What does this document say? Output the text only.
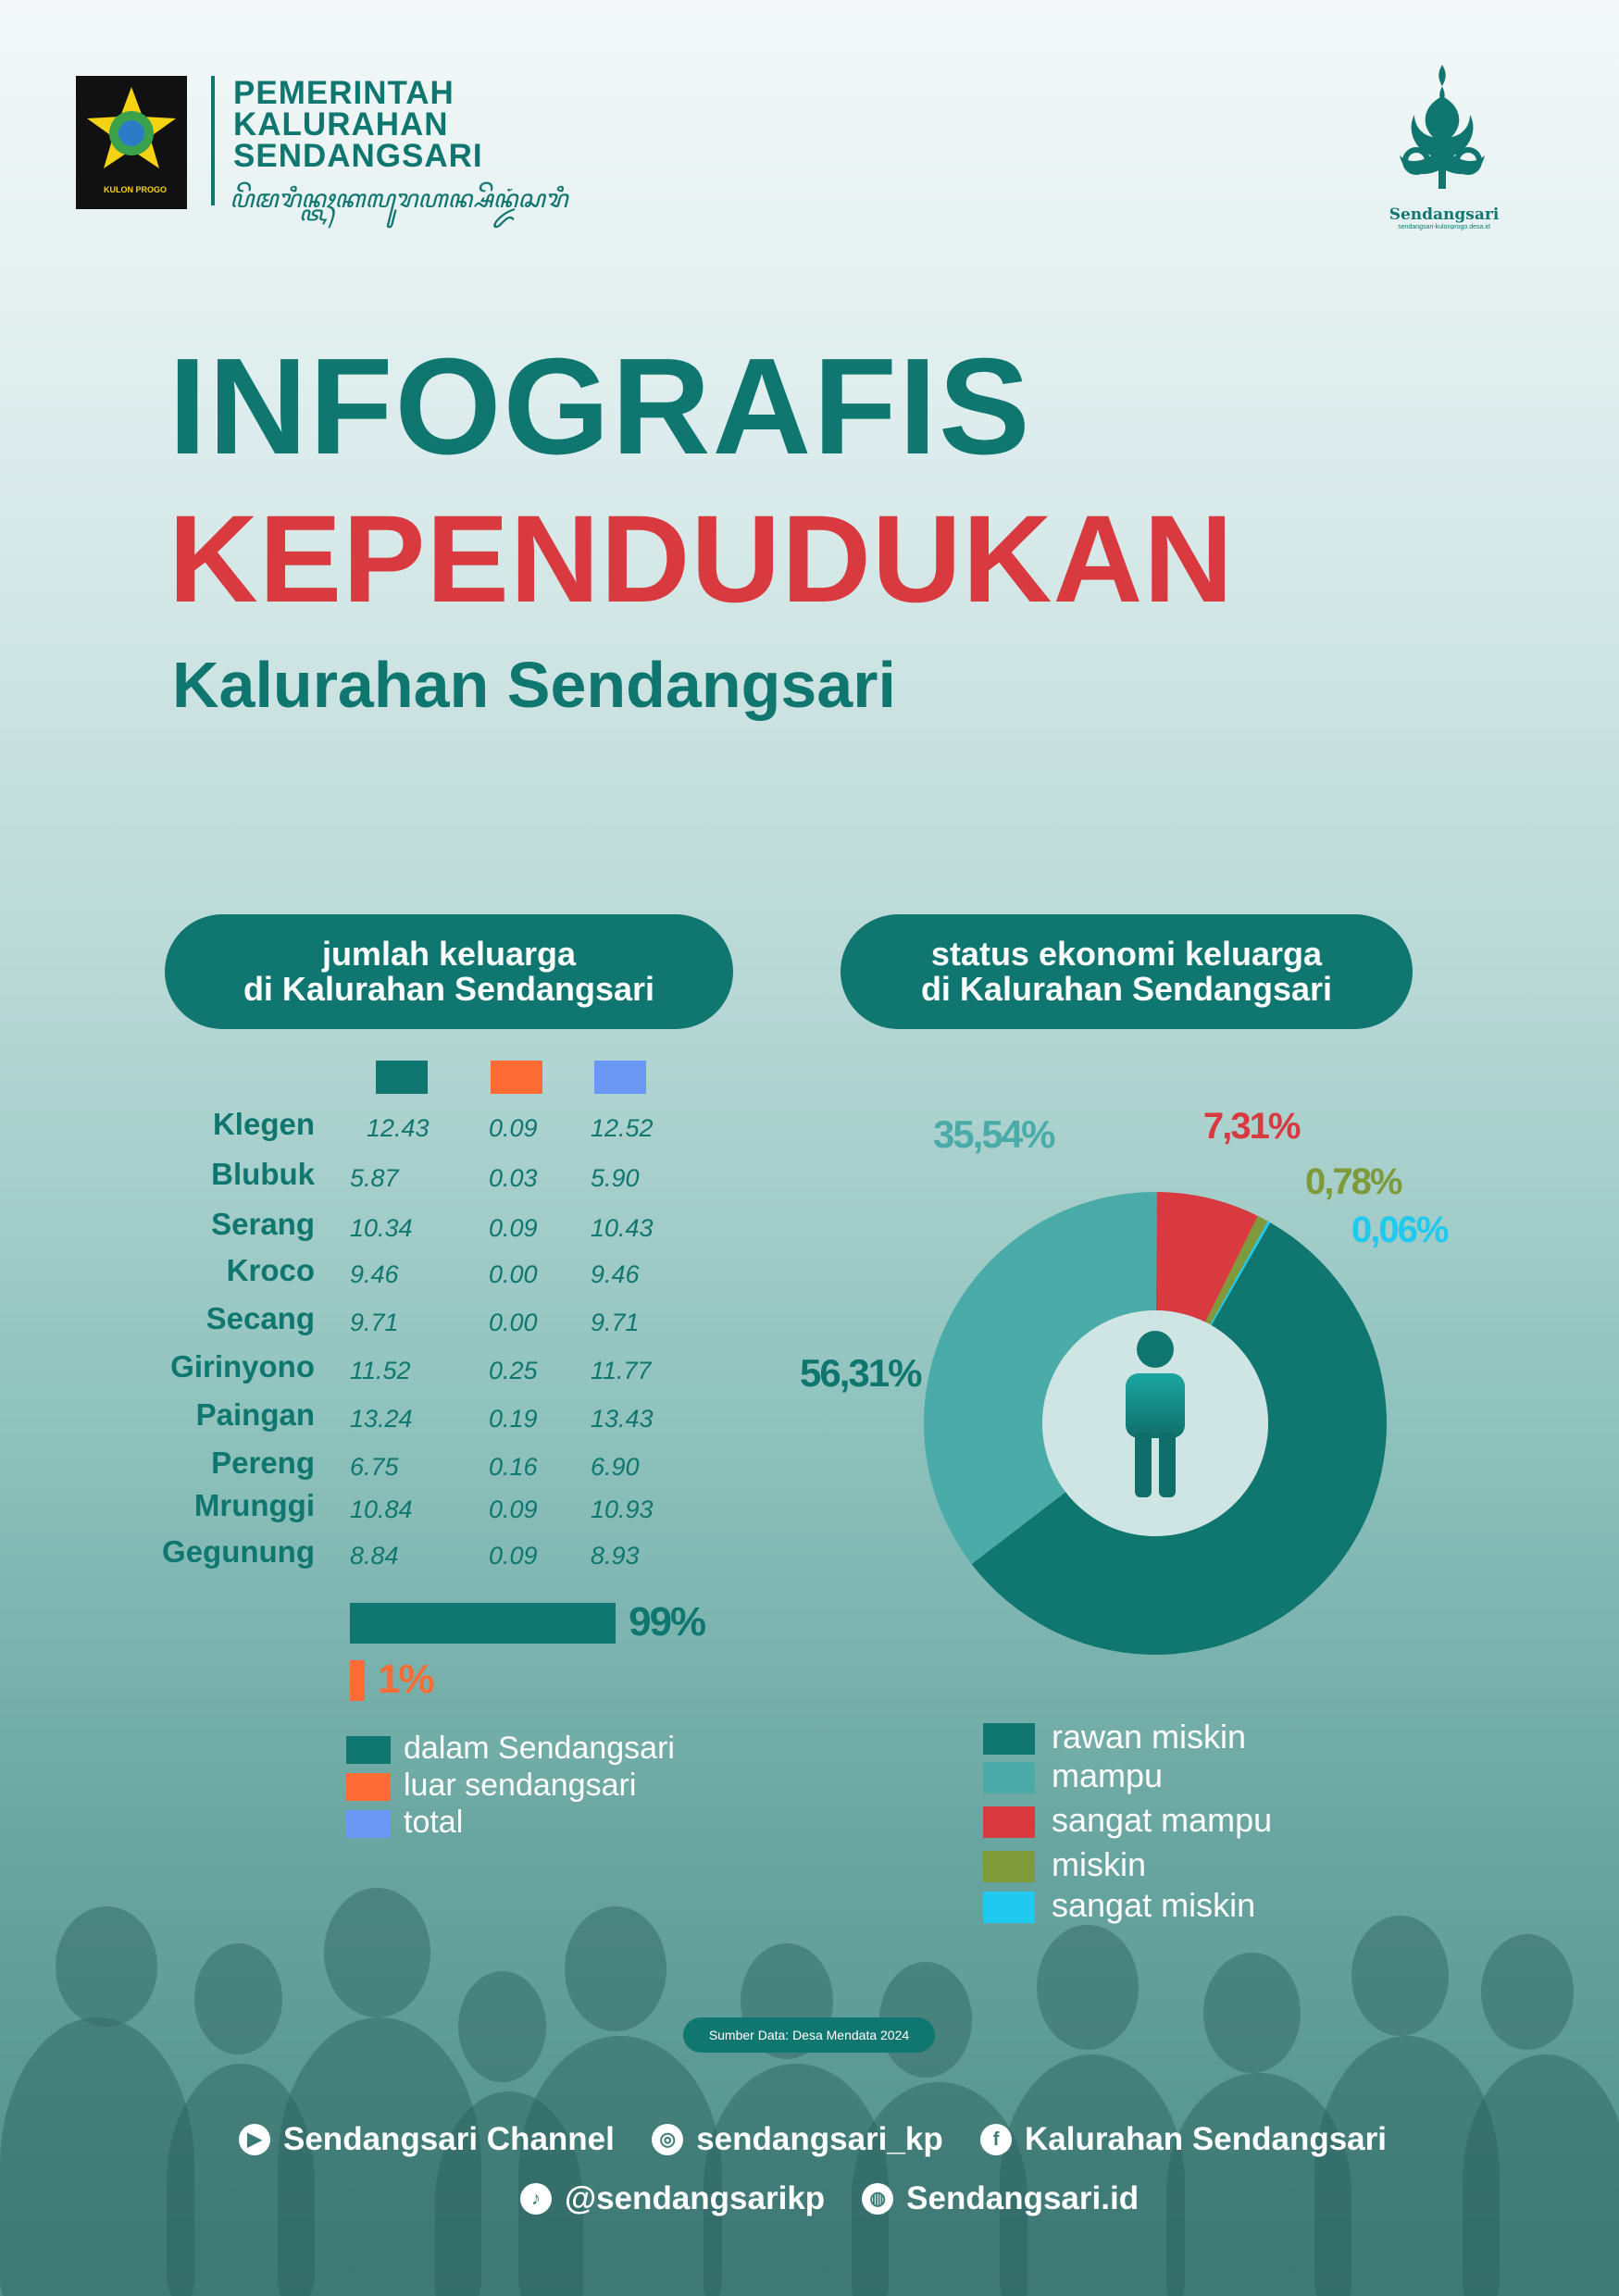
KULON PROGO
PEMERINTAH
KALURAHAN
SENDANGSARI
ꦥꦼꦩꦫꦶꦤ꧀ꦠꦃꦏꦭꦸꦫꦲꦤ꧀ꦱꦼꦤ꧀ꦢꦁꦱꦫꦶ
Sendangsari
sendangsari-kulonprogo.desa.id
INFOGRAFIS
KEPENDUDUKAN
Kalurahan Sendangsari
jumlah keluarga
di Kalurahan Sendangsari
Klegen 12.43 0.09 12.52
Blubuk 5.87	0.03 5.90
Serang 10.34	0.09 10.43
Kroco 9.46	0.00 9.46
Secang 9.71	0.00 9.71
Girinyono 11.52	0.25 11.77
Paingan 13.24	0.19 13.43
Pereng 6.75	0.16 6.90
Mrunggi 10.84	0.09 10.93
Gegunung 8.84	0.09 8.93
99%
1%
dalam Sendangsari
luar sendangsari
total
status ekonomi keluarga
di Kalurahan Sendangsari
7,31%
0,78%
0,06%
56,31%
35,54%
rawan miskin
mampu
sangat mampu
miskin
sangat miskin
Sumber Data: Desa Mendata 2024
▶ Sendangsari Channel	◎ sendangsari_kp	f Kalurahan Sendangsari
♪ @sendangsarikp	◍ Sendangsari.id
